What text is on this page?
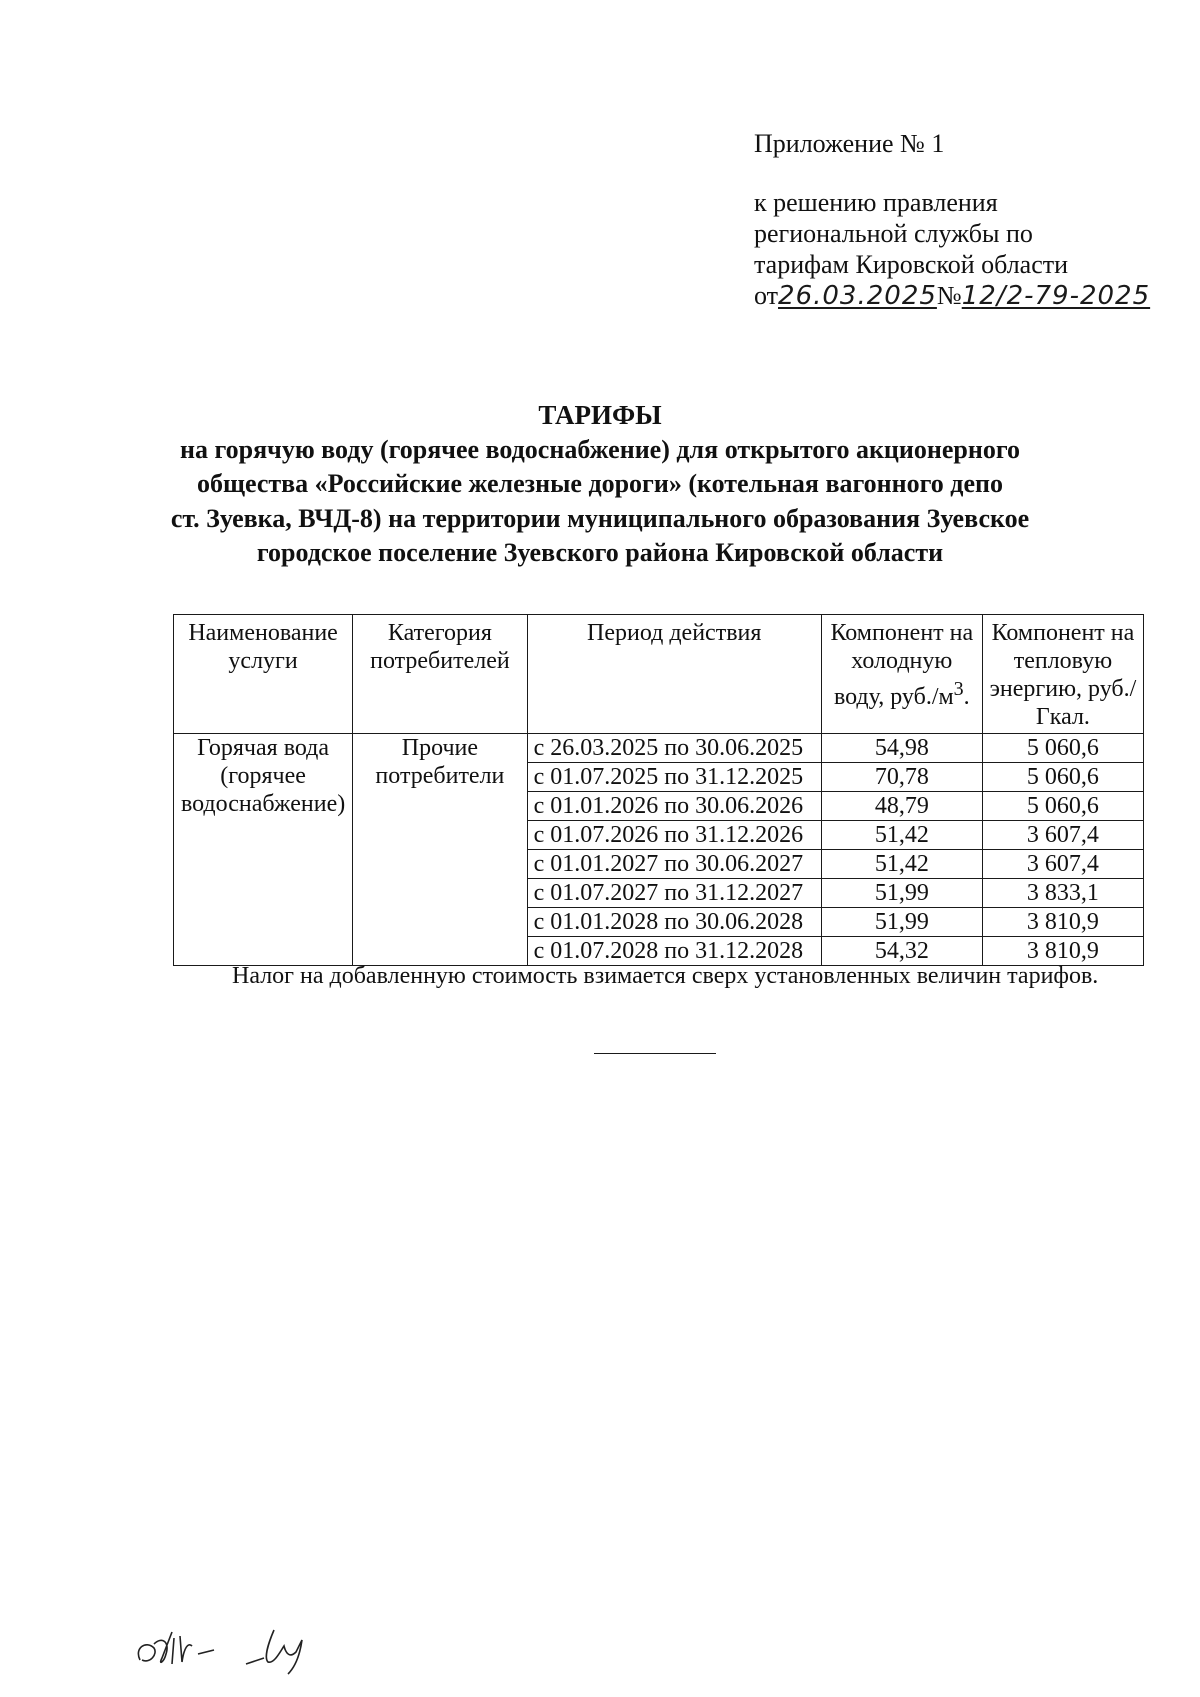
Приложение № 1
к решению правления
региональной службы по
тарифам Кировской области
от26.03.2025№12/2-79-2025
ТАРИФЫ
на горячую воду (горячее водоснабжение) для открытого акционерного
общества «Российские железные дороги» (котельная вагонного депо
ст. Зуевка, ВЧД-8) на территории муниципального образования Зуевское
городское поселение Зуевского района Кировской области
Наименование услуги	Категория потребителей	Период действия	Компонент на холодную воду, $руб./м^3$.	Компонент на тепловую энергию, руб./Гкал.
Горячая вода (горячее водоснабжение)	Прочие потребители	с 26.03.2025 по 30.06.2025	54,98	5 060,6
		с 01.07.2025 по 31.12.2025	70,78	5 060,6
		с 01.01.2026 по 30.06.2026	48,79	5 060,6
		с 01.07.2026 по 31.12.2026	51,42	3 607,4
		с 01.01.2027 по 30.06.2027	51,42	3 607,4
		с 01.07.2027 по 31.12.2027	51,99	3 833,1
		с 01.01.2028 по 30.06.2028	51,99	3 810,9
		с 01.07.2028 по 31.12.2028	54,32	3 810,9
Налог на добавленную стоимость взимается сверх установленных величин тарифов.
